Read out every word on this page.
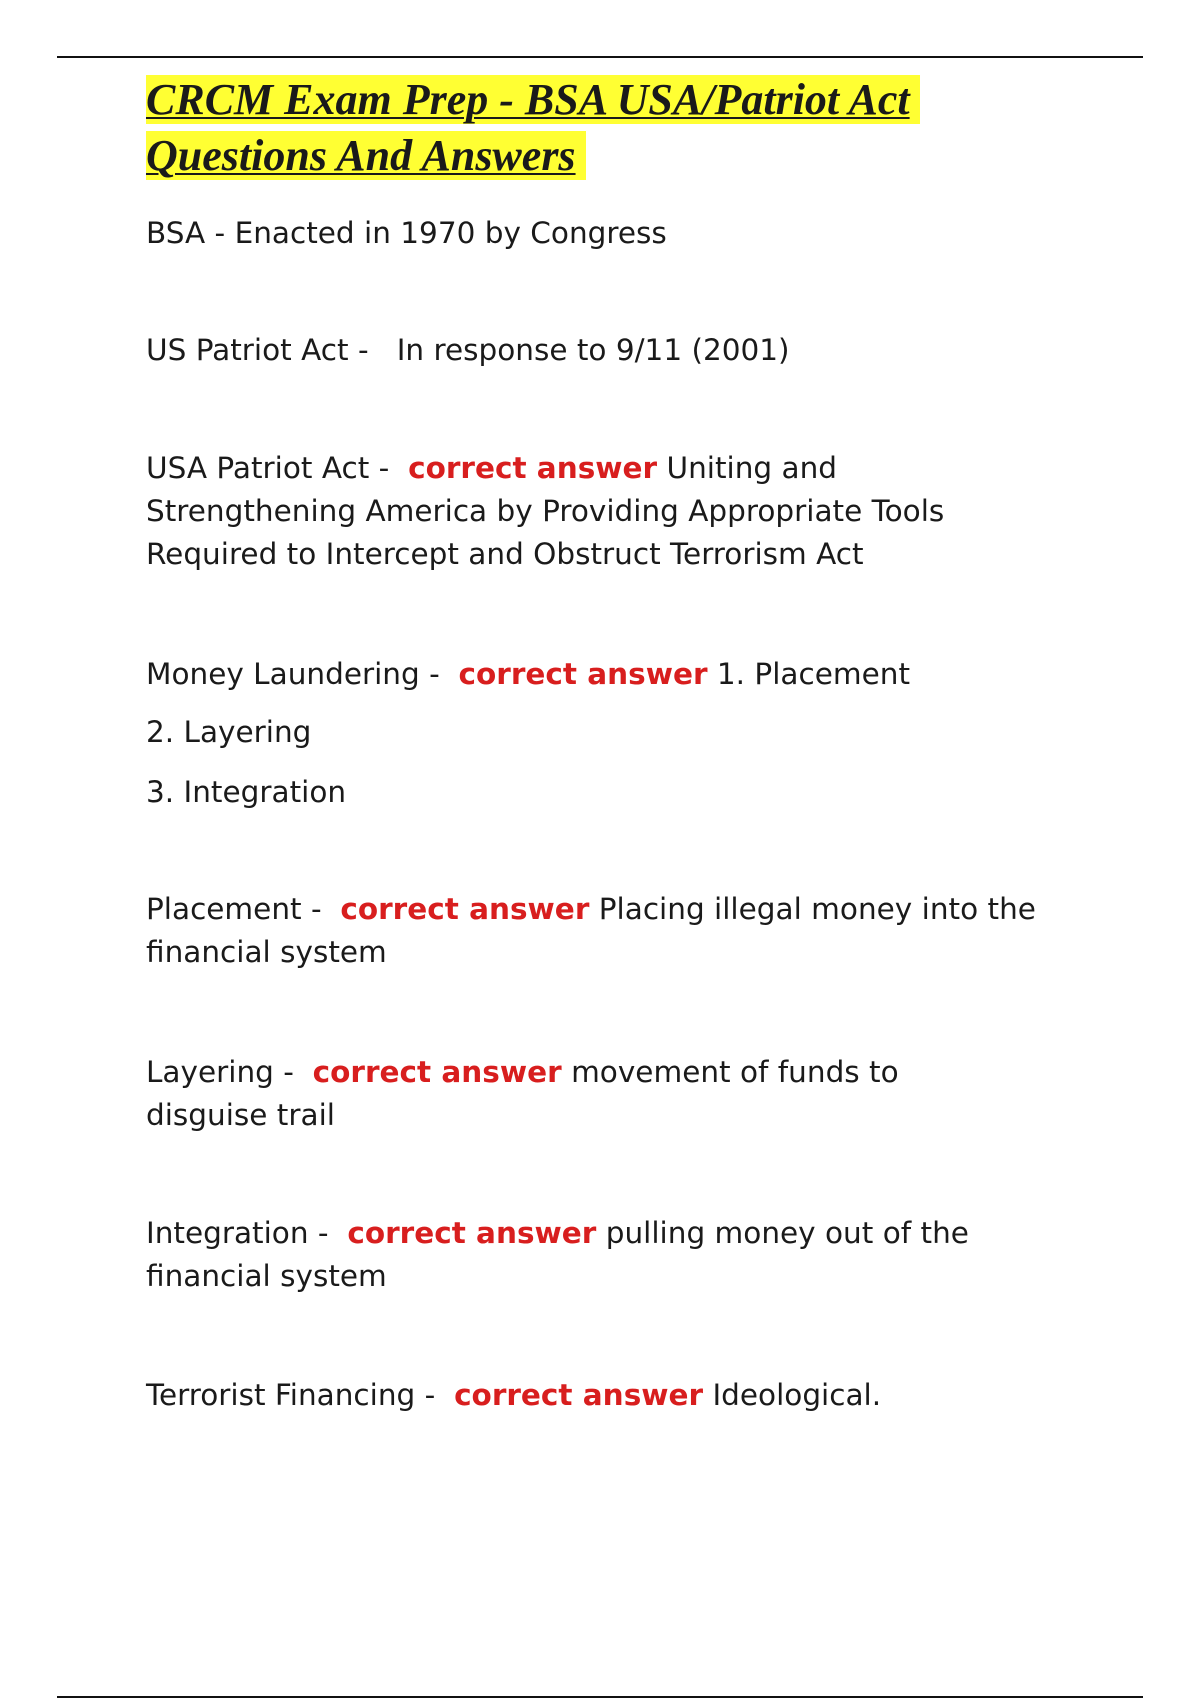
CRCM Exam Prep - BSA USA/Patriot Act
Questions And Answers

BSA - Enacted in 1970 by Congress

US Patriot Act -   In response to 9/11 (2001)

USA Patriot Act -  correct answer Uniting and Strengthening America by Providing Appropriate Tools Required to Intercept and Obstruct Terrorism Act

Money Laundering -  correct answer 1. Placement

2. Layering

3. Integration

Placement -  correct answer Placing illegal money into the financial system

Layering -  correct answer movement of funds to disguise trail

Integration -  correct answer pulling money out of the financial system

Terrorist Financing -  correct answer Ideological.
